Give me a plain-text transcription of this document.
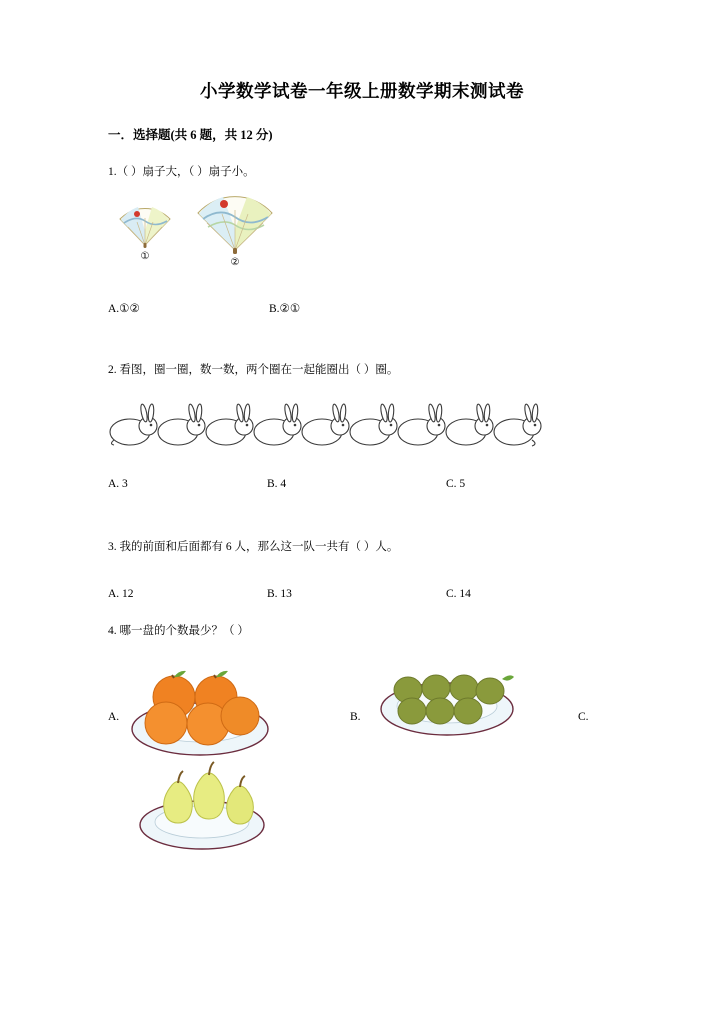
小学数学试卷一年级上册数学期末测试卷
一．选择题(共 6 题，共 12 分)
1.（ ）扇子大，（ ）扇子小。
①
②
A.①②	B.②①
2. 看图，圈一圈，数一数，两个圈在一起能圈出（ ）圈。
A. 3	B. 4	C. 5
3. 我的前面和后面都有 6 人，那么这一队一共有（ ）人。
A. 12	B. 13	C. 14
4. 哪一盘的个数最少？（ ）
A.	B.	C.
